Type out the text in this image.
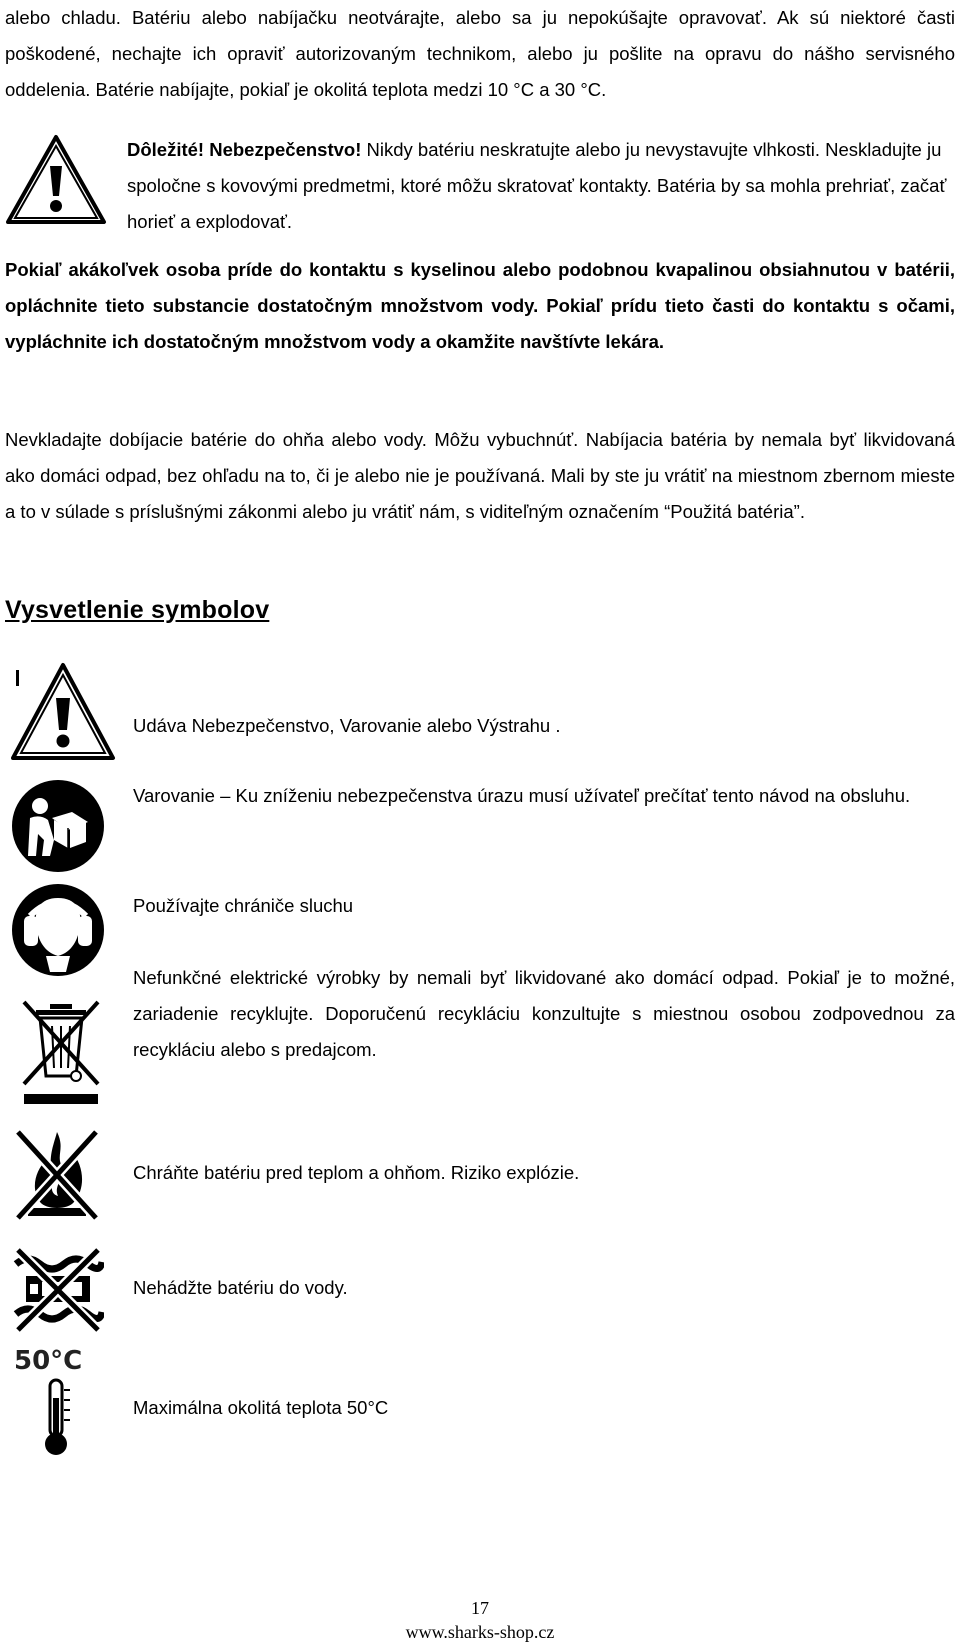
alebo chladu. Batériu alebo nabíjačku neotvárajte, alebo sa ju nepokúšajte opravovať. Ak sú niektoré časti poškodené, nechajte ich opraviť autorizovaným technikom, alebo ju pošlite na opravu do nášho servisného oddelenia. Batérie nabíjajte, pokiaľ je okolitá teplota medzi 10 °C a 30 °C.

Dôležité! Nebezpečenstvo! Nikdy batériu neskratujte alebo ju nevystavujte vlhkosti. Neskladujte ju spoločne s kovovými predmetmi, ktoré môžu skratovať kontakty. Batéria by sa mohla prehriať, začať horieť a explodovať.

Pokiaľ akákoľvek osoba príde do kontaktu s kyselinou alebo podobnou kvapalinou obsiahnutou v batérii, opláchnite tieto substancie dostatočným množstvom vody. Pokiaľ prídu tieto časti do kontaktu s očami, vypláchnite ich dostatočným množstvom vody a okamžite navštívte lekára.

Nevkladajte dobíjacie batérie do ohňa alebo vody. Môžu vybuchnúť. Nabíjacia batéria by nemala byť likvidovaná ako domáci odpad, bez ohľadu na to, či je alebo nie je používaná. Mali by ste ju vrátiť na miestnom zbernom mieste a to v súlade s príslušnými zákonmi alebo ju vrátiť nám, s viditeľným označením “Použitá batéria”.

Vysvetlenie symbolov

Udáva Nebezpečenstvo, Varovanie alebo Výstrahu .

Varovanie – Ku zníženiu nebezpečenstva úrazu musí užívateľ prečítať tento návod na obsluhu.

Používajte chrániče sluchu

Nefunkčné elektrické výrobky by nemali byť likvidované ako domácí odpad. Pokiaľ je to možné, zariadenie recyklujte. Doporučenú recykláciu konzultujte s miestnou osobou zodpovednou za recykláciu alebo s predajcom.

Chráňte batériu pred teplom a ohňom. Riziko explózie.

Nehádžte batériu do vody.

50°C

Maximálna okolitá teplota 50°C

17
www.sharks-shop.cz
